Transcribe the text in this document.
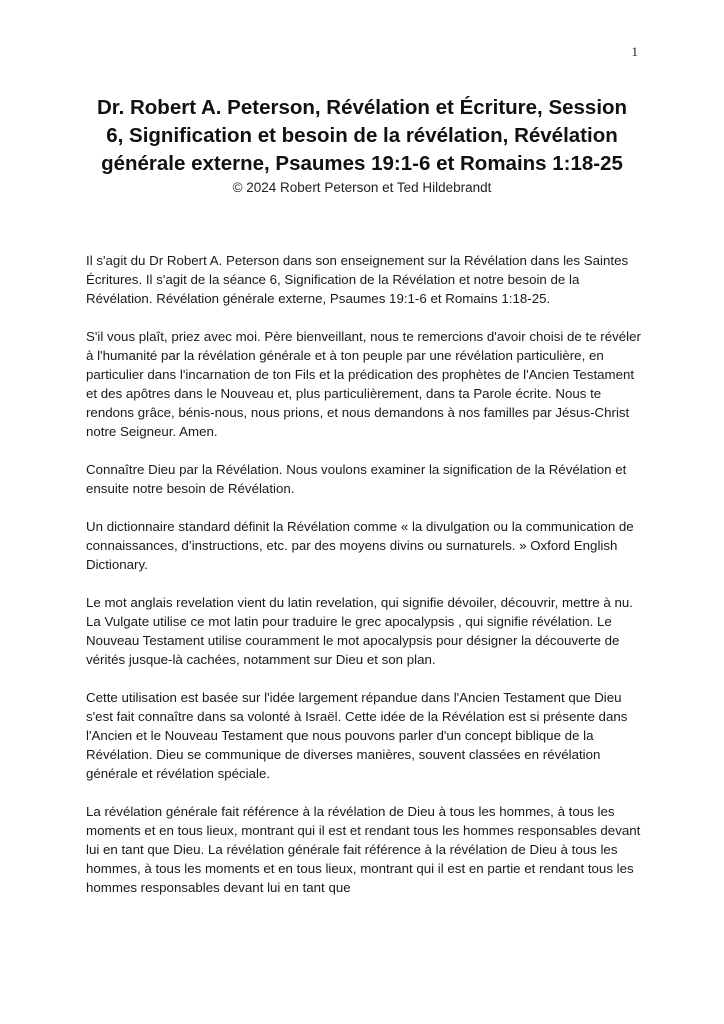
1
Dr. Robert A. Peterson, Révélation et Écriture, Session 6, Signification et besoin de la révélation, Révélation générale externe, Psaumes 19:1-6 et Romains 1:18-25
© 2024 Robert Peterson et Ted Hildebrandt

Il s'agit du Dr Robert A. Peterson dans son enseignement sur la Révélation dans les Saintes Écritures. Il s'agit de la séance 6, Signification de la Révélation et notre besoin de la Révélation. Révélation générale externe, Psaumes 19:1-6 et Romains 1:18-25.

S'il vous plaît, priez avec moi. Père bienveillant, nous te remercions d'avoir choisi de te révéler à l'humanité par la révélation générale et à ton peuple par une révélation particulière, en particulier dans l'incarnation de ton Fils et la prédication des prophètes de l'Ancien Testament et des apôtres dans le Nouveau et, plus particulièrement, dans ta Parole écrite. Nous te rendons grâce, bénis-nous, nous prions, et nous demandons à nos familles par Jésus-Christ notre Seigneur. Amen.

Connaître Dieu par la Révélation. Nous voulons examiner la signification de la Révélation et ensuite notre besoin de Révélation.

Un dictionnaire standard définit la Révélation comme « la divulgation ou la communication de connaissances, d’instructions, etc. par des moyens divins ou surnaturels. » Oxford English Dictionary.

Le mot anglais revelation vient du latin revelation, qui signifie dévoiler, découvrir, mettre à nu. La Vulgate utilise ce mot latin pour traduire le grec apocalypsis , qui signifie révélation. Le Nouveau Testament utilise couramment le mot apocalypsis pour désigner la découverte de vérités jusque-là cachées, notamment sur Dieu et son plan.

Cette utilisation est basée sur l'idée largement répandue dans l'Ancien Testament que Dieu s'est fait connaître dans sa volonté à Israël. Cette idée de la Révélation est si présente dans l'Ancien et le Nouveau Testament que nous pouvons parler d'un concept biblique de la Révélation. Dieu se communique de diverses manières, souvent classées en révélation générale et révélation spéciale.

La révélation générale fait référence à la révélation de Dieu à tous les hommes, à tous les moments et en tous lieux, montrant qui il est et rendant tous les hommes responsables devant lui en tant que Dieu. La révélation générale fait référence à la révélation de Dieu à tous les hommes, à tous les moments et en tous lieux, montrant qui il est en partie et rendant tous les hommes responsables devant lui en tant que
